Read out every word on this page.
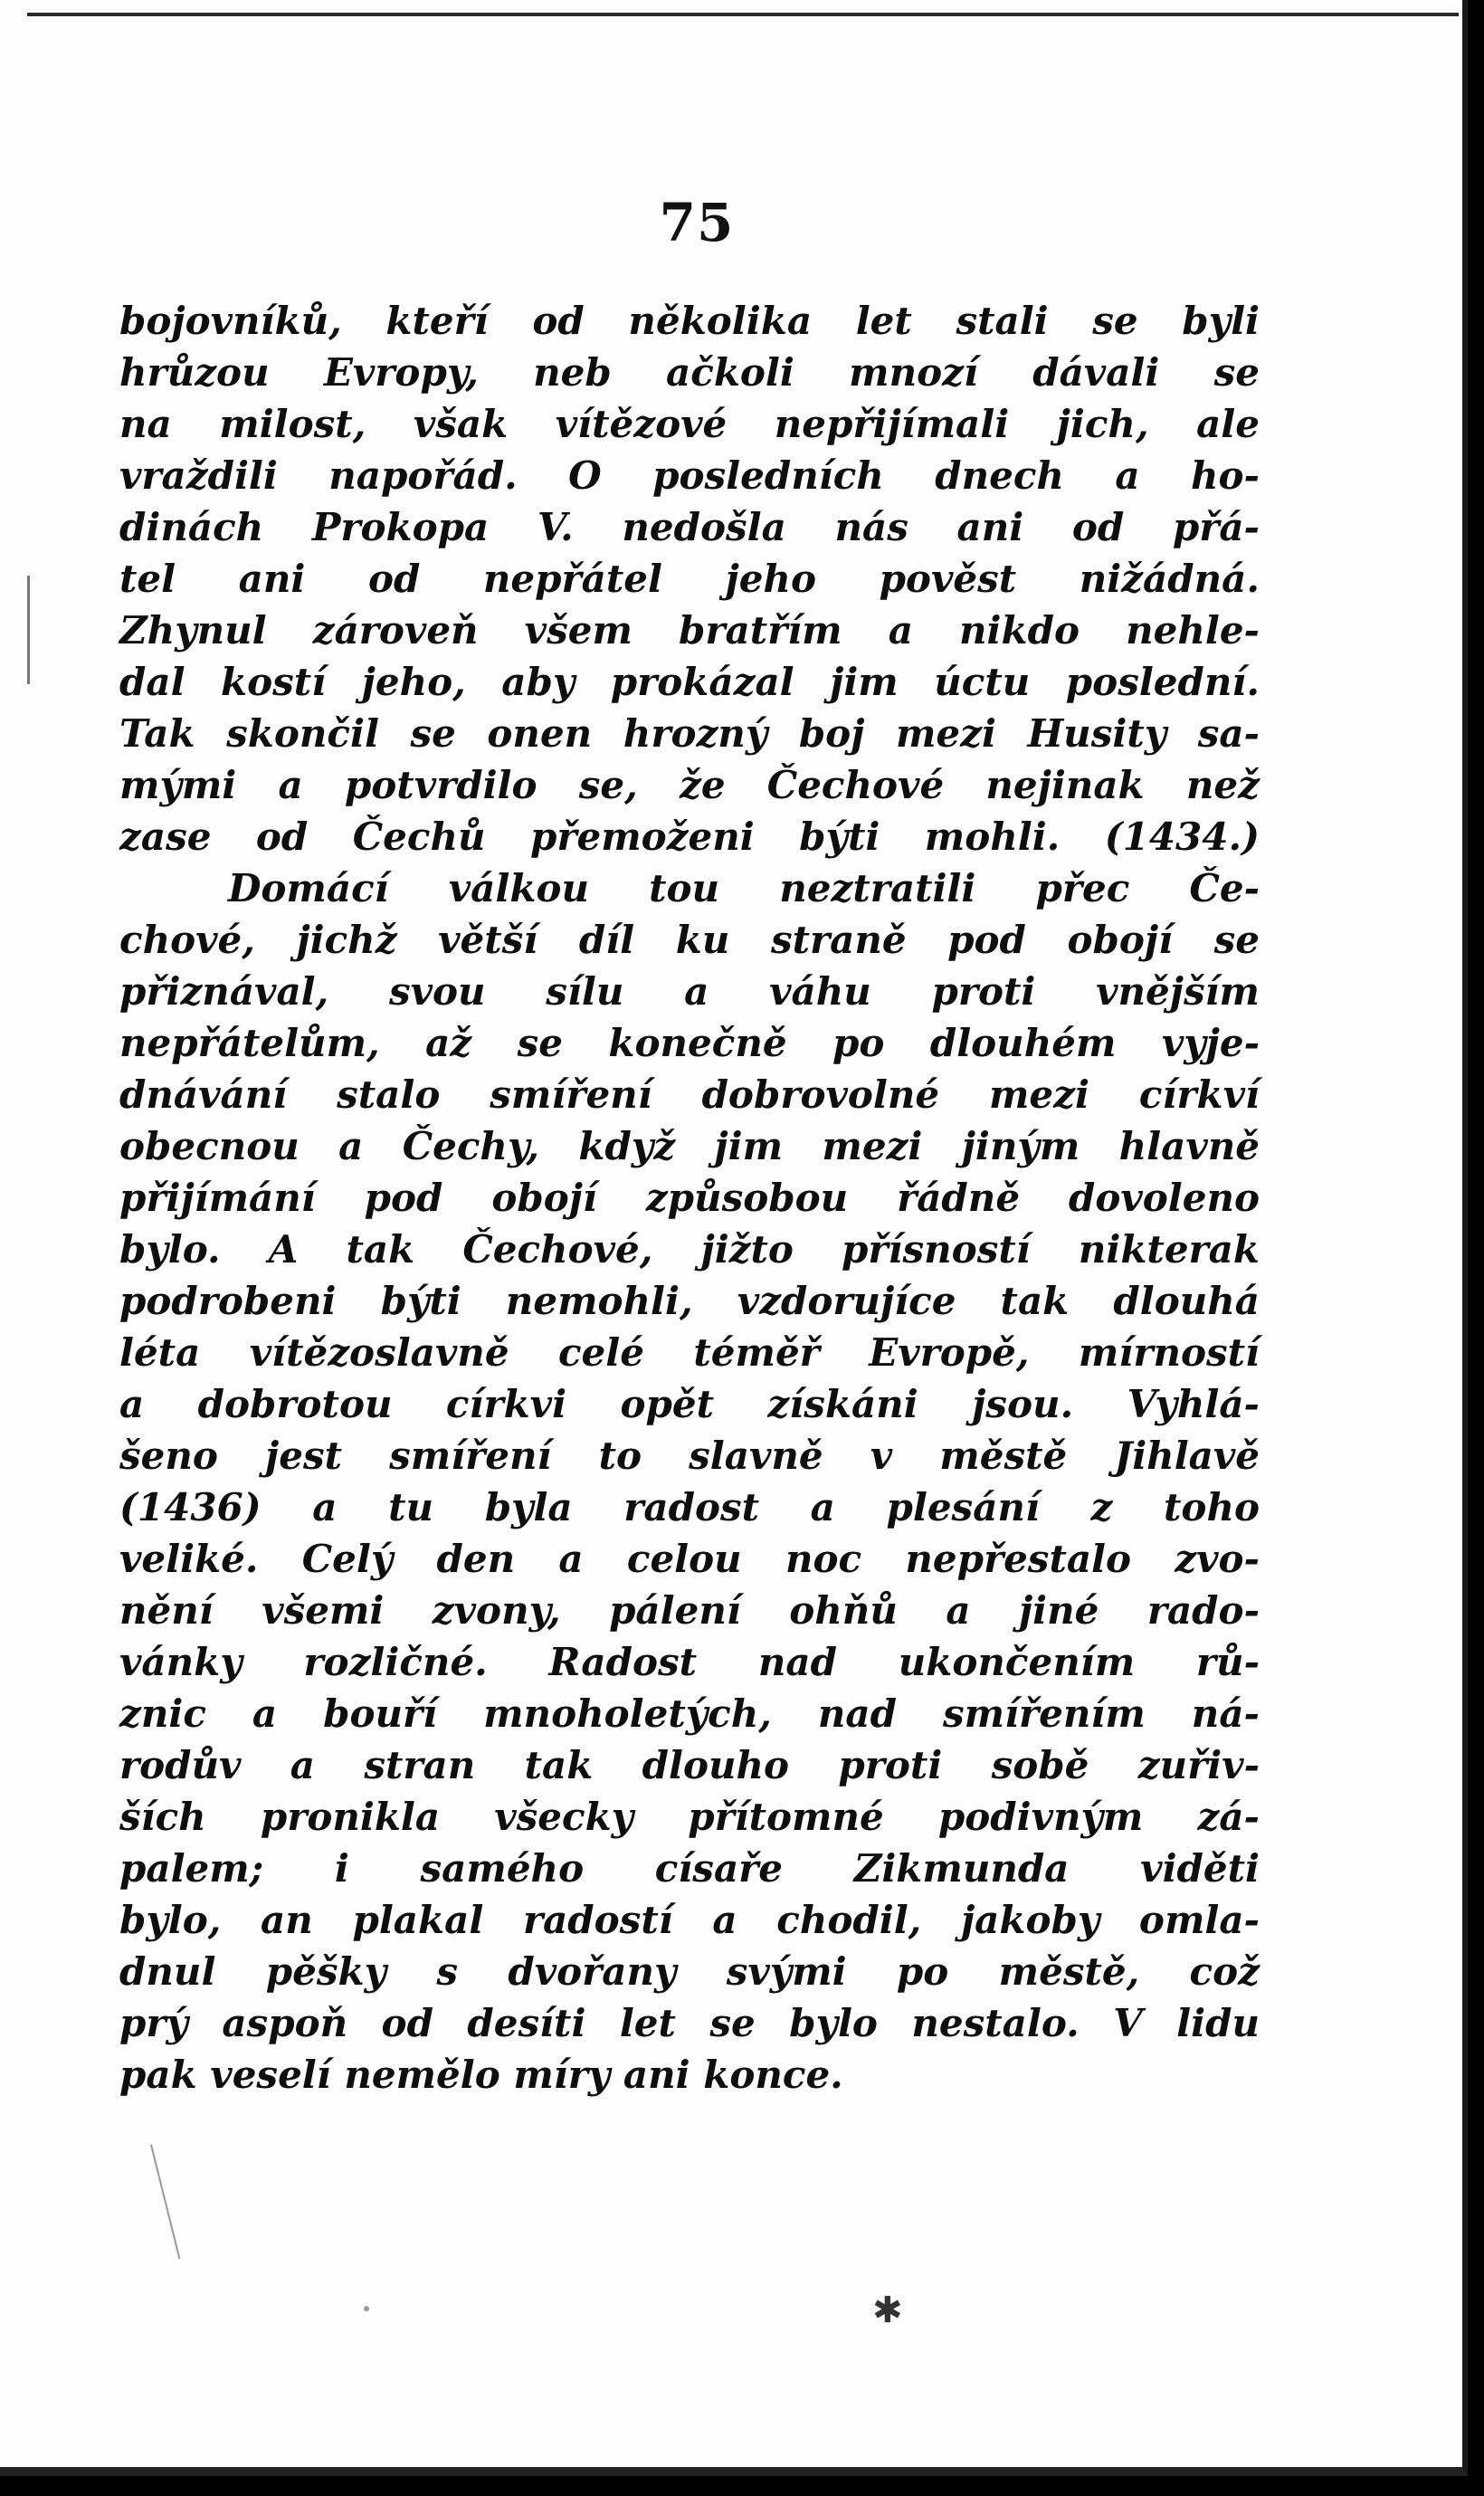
75
bojovníků, kteří od několika let stali se byli
hrůzou Evropy, neb ačkoli mnozí dávali se
na milost, však vítězové nepřijímali jich, ale
vraždili napořád. O posledních dnech a ho-
dinách Prokopa V. nedošla nás ani od přá-
tel ani od nepřátel jeho pověst nižádná.
Zhynul zároveň všem bratřím a nikdo nehle-
dal kostí jeho, aby prokázal jim úctu poslední.
Tak skončil se onen hrozný boj mezi Husity sa-
mými a potvrdilo se, že Čechové nejinak než
zase od Čechů přemoženi býti mohli. (1434.)
Domácí válkou tou neztratili přec Če-
chové, jichž větší díl ku straně pod obojí se
přiznával, svou sílu a váhu proti vnějším
nepřátelům, až se konečně po dlouhém vyje-
dnávání stalo smíření dobrovolné mezi církví
obecnou a Čechy, když jim mezi jiným hlavně
přijímání pod obojí způsobou řádně dovoleno
bylo. A tak Čechové, jižto přísností nikterak
podrobeni býti nemohli, vzdorujíce tak dlouhá
léta vítězoslavně celé téměř Evropě, mírností
a dobrotou církvi opět získáni jsou. Vyhlá-
šeno jest smíření to slavně v městě Jihlavě
(1436) a tu byla radost a plesání z toho
veliké. Celý den a celou noc nepřestalo zvo-
nění všemi zvony, pálení ohňů a jiné rado-
vánky rozličné. Radost nad ukončením rů-
znic a bouří mnoholetých, nad smířením ná-
rodův a stran tak dlouho proti sobě zuřiv-
ších pronikla všecky přítomné podivným zá-
palem; i samého císaře Zikmunda viděti
bylo, an plakal radostí a chodil, jakoby omla-
dnul pěšky s dvořany svými po městě, což
prý aspoň od desíti let se bylo nestalo. V lidu
pak veselí nemělo míry ani konce.
✱
